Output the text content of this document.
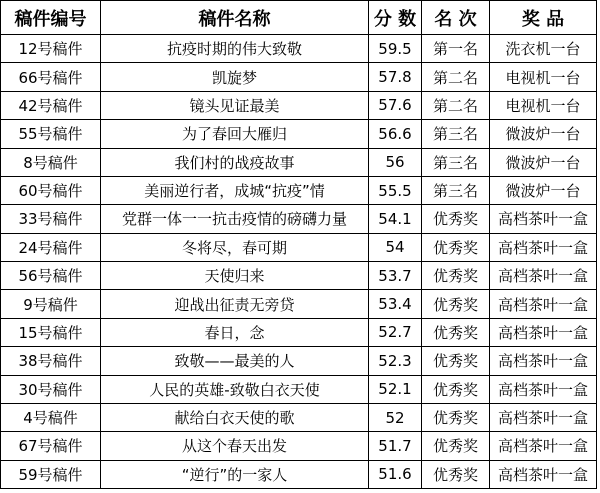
稿件编号	稿件名称	分 数	名 次	奖 品
12号稿件	抗疫时期的伟大致敬	59.5	第一名	洗衣机一台
66号稿件	凯旋梦	57.8	第二名	电视机一台
42号稿件	镜头见证最美	57.6	第二名	电视机一台
55号稿件	为了春回大雁归	56.6	第三名	微波炉一台
8号稿件	我们村的战疫故事	56	第三名	微波炉一台
60号稿件	美丽逆行者，成城“抗疫”情	55.5	第三名	微波炉一台
33号稿件	党群一体一一抗击疫情的磅礴力量	54.1	优秀奖	高档茶叶一盒
24号稿件	冬将尽，春可期	54	优秀奖	高档茶叶一盒
56号稿件	天使归来	53.7	优秀奖	高档茶叶一盒
9号稿件	迎战出征责无旁贷	53.4	优秀奖	高档茶叶一盒
15号稿件	春日，念	52.7	优秀奖	高档茶叶一盒
38号稿件	致敬——最美的人	52.3	优秀奖	高档茶叶一盒
30号稿件	人民的英雄-致敬白衣天使	52.1	优秀奖	高档茶叶一盒
4号稿件	献给白衣天使的歌	52	优秀奖	高档茶叶一盒
67号稿件	从这个春天出发	51.7	优秀奖	高档茶叶一盒
59号稿件	“逆行”的一家人	51.6	优秀奖	高档茶叶一盒
